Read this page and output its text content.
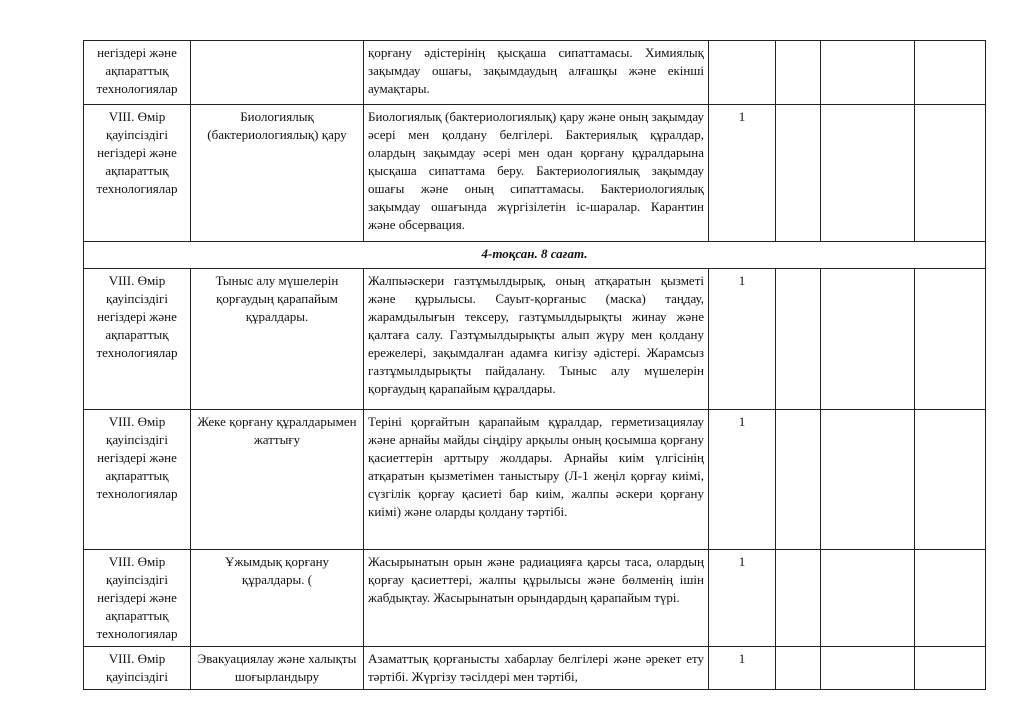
негіздері және ақпараттық технологиялар		қорғану әдістерінің қысқаша сипаттамасы. Химиялық зақымдау ошағы, зақымдаудың алғашқы және екінші аумақтары.				
VIII. Өмір қауіпсіздігі негіздері және ақпараттық технологиялар	Биологиялық (бактериологиялық) қару	Биологиялық (бактериологиялық) қару және оның зақымдау әсері мен қолдану белгілері. Бактериялық құралдар, олардың зақымдау әсері мен одан қорғану құралдарына қысқаша сипаттама беру. Бактериологиялық зақымдау ошағы және оның сипаттамасы. Бактериологиялық зақымдау ошағында жүргізілетін іс-шаралар. Карантин және обсервация.	1			
4-тоқсан. 8 сағат.						
VIII. Өмір қауіпсіздігі негіздері және ақпараттық технологиялар	Тыныс алу мүшелерін қорғаудың қарапайым құралдары.	Жалпыәскери газтұмылдырық, оның атқаратын қызметі және құрылысы. Сауыт-қорғаныс (маска) таңдау, жарамдылығын тексеру, газтұмылдырықты жинау және қалтаға салу. Газтұмылдырықты алып жүру мен қолдану ережелері, зақымдалған адамға кигізу әдістері. Жарамсыз газтұмылдырықты пайдалану. Тыныс алу мүшелерін қорғаудың қарапайым құралдары.	1			
VIII. Өмір қауіпсіздігі негіздері және ақпараттық технологиялар	Жеке қорғану құралдарымен жаттығу	Теріні қорғайтын қарапайым құралдар, герметизациялау және арнайы майды сіңдіру арқылы оның қосымша қорғану қасиеттерін арттыру жолдары. Арнайы киім үлгісінің атқаратын қызметімен таныстыру (Л-1 жеңіл қорғау киімі, сүзгілік қорғау қасиеті бар киім, жалпы әскери қорғану киімі) және оларды қолдану тәртібі.	1			
VIII. Өмір қауіпсіздігі негіздері және ақпараттық технологиялар	Ұжымдық қорғану құралдары. (	Жасырынатын орын және радиацияға қарсы таса, олардың қорғау қасиеттері, жалпы құрылысы және бөлменің ішін жабдықтау. Жасырынатын орындардың қарапайым түрі.	1			
VIII. Өмір қауіпсіздігі	Эвакуациялау және халықты шоғырландыру	Азаматтық қорғанысты хабарлау белгілері және әрекет ету тәртібі. Жүргізу тәсілдері мен тәртібі,	1			
